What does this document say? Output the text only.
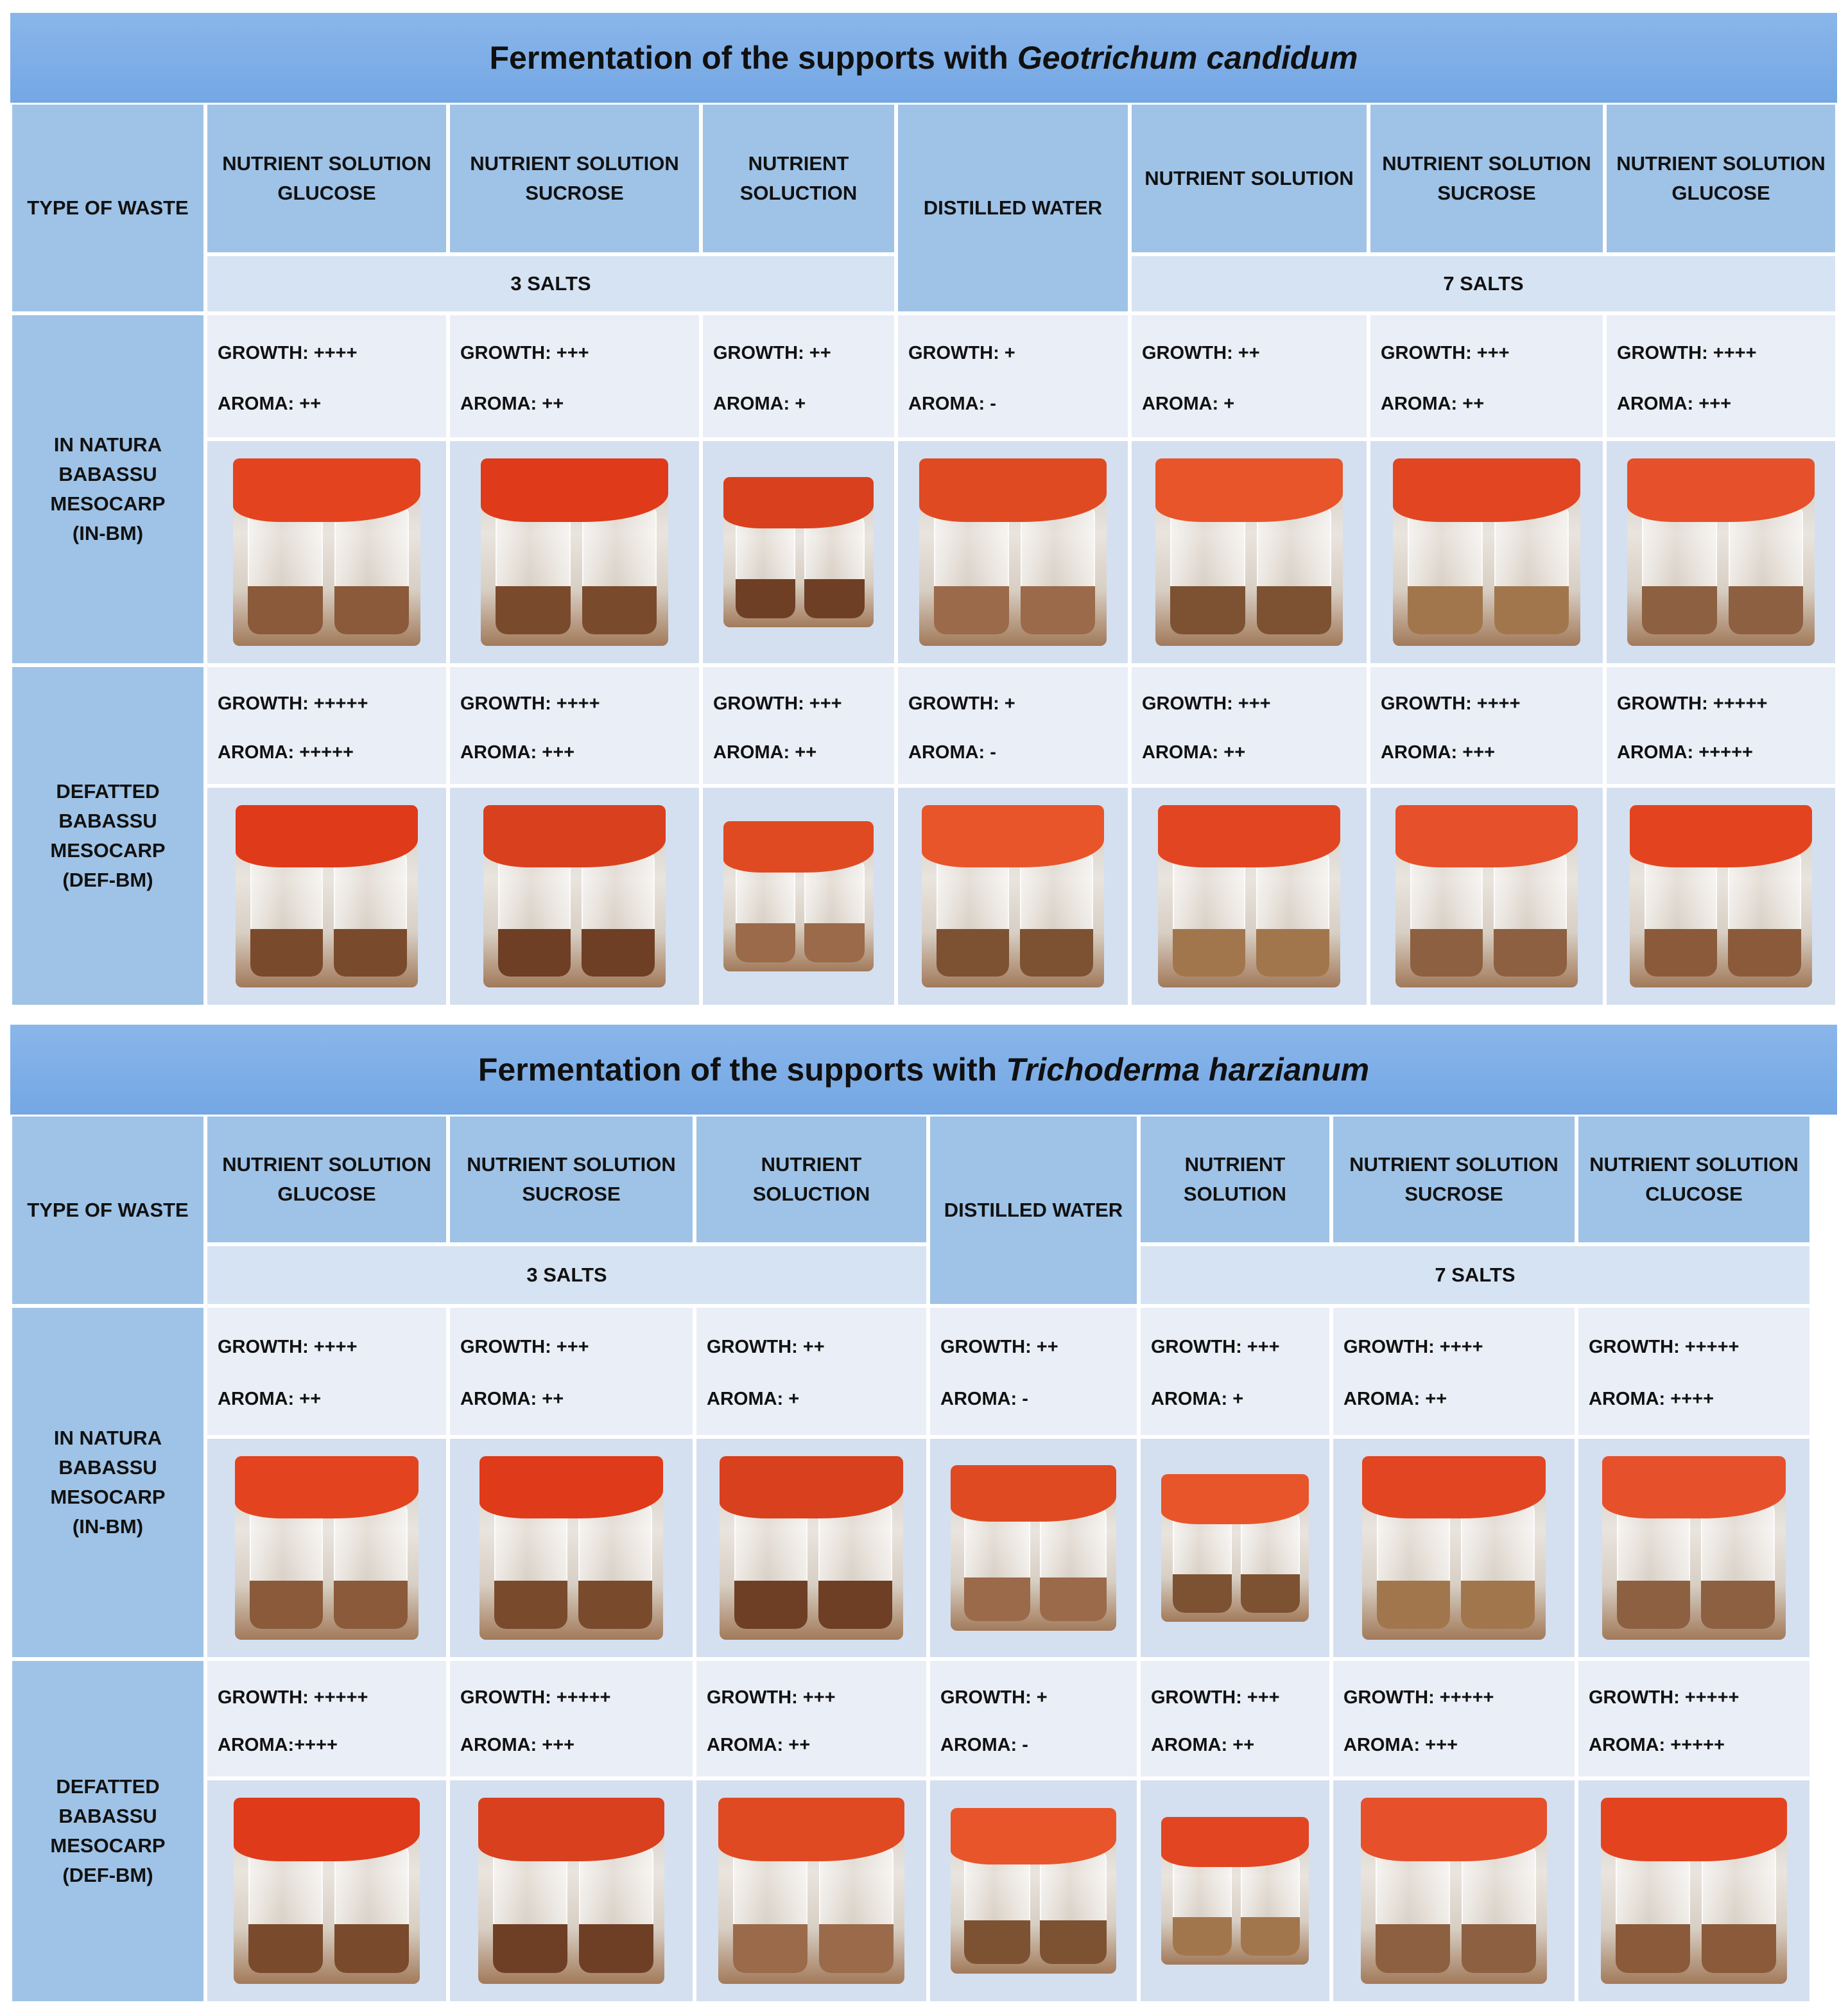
Fermentation of the supports with Geotrichum candidum
TYPE OF WASTE
NUTRIENT SOLUTION GLUCOSE
NUTRIENT SOLUTION SUCROSE
NUTRIENT SOLUCTION
DISTILLED WATER
NUTRIENT SOLUTION
NUTRIENT SOLUTION SUCROSE
NUTRIENT SOLUTION GLUCOSE
3 SALTS	7 SALTS
IN NATURA
BABASSU
MESOCARP
(IN-BM)
GROWTH: ++++
AROMA: ++
GROWTH: +++
AROMA: ++
GROWTH: ++
AROMA: +
GROWTH: +
AROMA: -
GROWTH: ++
AROMA: +
GROWTH: +++
AROMA: ++
GROWTH: ++++
AROMA: +++
DEFATTED
BABASSU
MESOCARP
(DEF-BM)
GROWTH: +++++
AROMA: +++++
GROWTH: ++++
AROMA: +++
GROWTH: +++
AROMA: ++
GROWTH: +
AROMA: -
GROWTH: +++
AROMA: ++
GROWTH: ++++
AROMA: +++
GROWTH: +++++
AROMA: +++++
Fermentation of the supports with Trichoderma harzianum
TYPE OF WASTE
NUTRIENT SOLUTION GLUCOSE
NUTRIENT SOLUTION SUCROSE
NUTRIENT SOLUCTION
DISTILLED WATER
NUTRIENT SOLUTION
NUTRIENT SOLUTION SUCROSE
NUTRIENT SOLUTION CLUCOSE
3 SALTS	7 SALTS
IN NATURA
BABASSU
MESOCARP
(IN-BM)
GROWTH: ++++
AROMA: ++
GROWTH: +++
AROMA: ++
GROWTH: ++
AROMA: +
GROWTH: ++
AROMA: -
GROWTH: +++
AROMA: +
GROWTH: ++++
AROMA: ++
GROWTH: +++++
AROMA: ++++
DEFATTED
BABASSU
MESOCARP
(DEF-BM)
GROWTH: +++++
AROMA:++++
GROWTH: +++++
AROMA: +++
GROWTH: +++
AROMA: ++
GROWTH: +
AROMA: -
GROWTH: +++
AROMA: ++
GROWTH: +++++
AROMA: +++
GROWTH: +++++
AROMA: +++++
